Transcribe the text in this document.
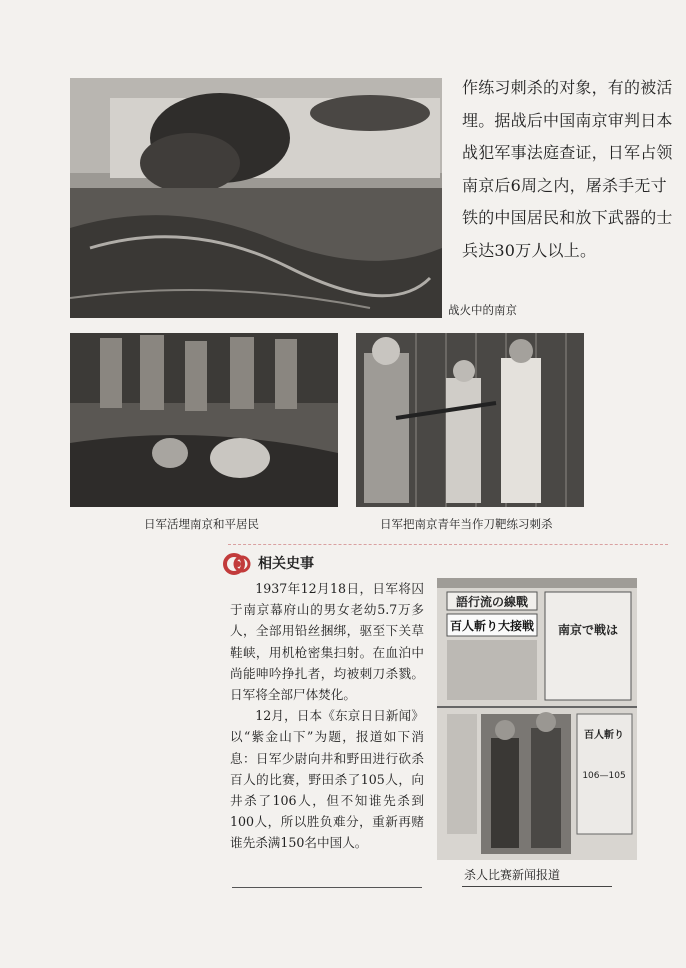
作练习刺杀的对象，有的被活埋。据战后中国南京审判日本战犯军事法庭查证，日军占领南京后6周之内，屠杀手无寸铁的中国居民和放下武器的士兵达30万人以上。

战火中的南京
日军活埋南京和平居民	日军把南京青年当作刀靶练习刺杀
相关史事

1937年12月18日，日军将囚于南京幕府山的男女老幼5.7万多人，全部用铅丝捆绑，驱至下关草鞋峡，用机枪密集扫射。在血泊中尚能呻吟挣扎者，均被刺刀杀戮。日军将全部尸体焚化。

12月，日本《东京日日新闻》以“紫金山下”为题，报道如下消息：日军少尉向井和野田进行砍杀百人的比赛，野田杀了105人，向井杀了106人，但不知谁先杀到100人，所以胜负难分，重新再赌谁先杀满150名中国人。

語行流の線戰
百人斬り大接戦 南京で戦は
百人斬り
106—105
杀人比赛新闻报道
